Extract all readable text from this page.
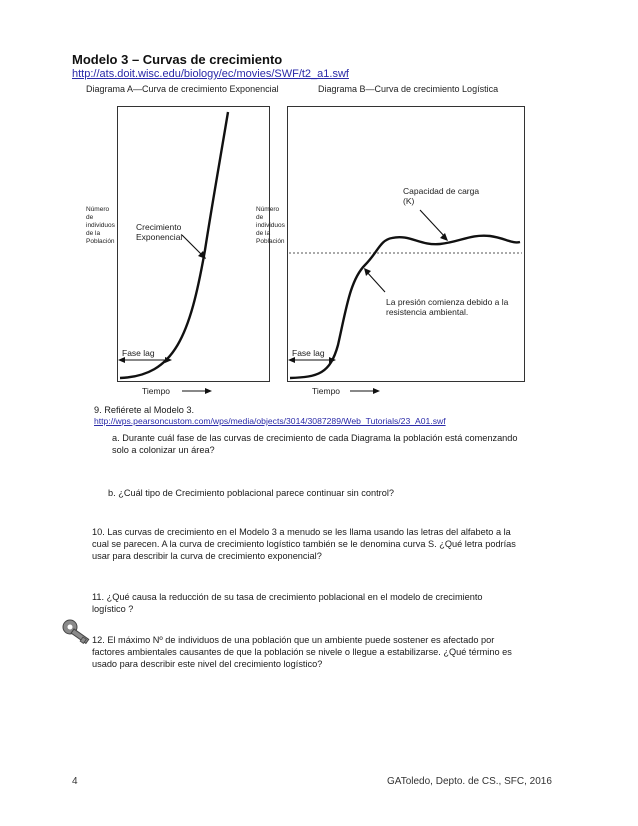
Modelo 3 – Curvas de crecimiento
http://ats.doit.wisc.edu/biology/ec/movies/SWF/t2_a1.swf
Diagrama A—Curva de crecimiento Exponencial	Diagrama B—Curva de crecimiento Logística
Número
de
individuos
de la
Población
Crecimiento
Exponencial
Fase lag
Tiempo
Número
de
individuos
de la
Población
Capacidad de carga
(K)
La presión comienza debido a la
resistencia ambiental.
Fase lag
Tiempo
9. Refiérete al Modelo 3.
http://wps.pearsoncustom.com/wps/media/objects/3014/3087289/Web_Tutorials/23_A01.swf
a. Durante cuál fase de las curvas de crecimiento de cada Diagrama la población está comenzando
solo a colonizar un área?
b. ¿Cuál tipo de Crecimiento poblacional parece continuar sin control?
10. Las curvas de crecimiento en el Modelo 3 a menudo se les llama usando las letras del alfabeto a la
cual se parecen. A la curva de crecimiento logístico también se le denomina curva S. ¿Qué letra podrías
usar para describir la curva de crecimiento exponencial?
11. ¿Qué causa la reducción de su tasa de crecimiento poblacional en el modelo de crecimiento
logístico ?
12. El máximo Nº de individuos de una población que un ambiente puede sostener es afectado por
factores ambientales causantes de que la población se nivele o llegue a estabilizarse. ¿Qué término es
usado para describir este nivel del crecimiento logístico?
4	GAToledo, Depto. de CS., SFC, 2016
